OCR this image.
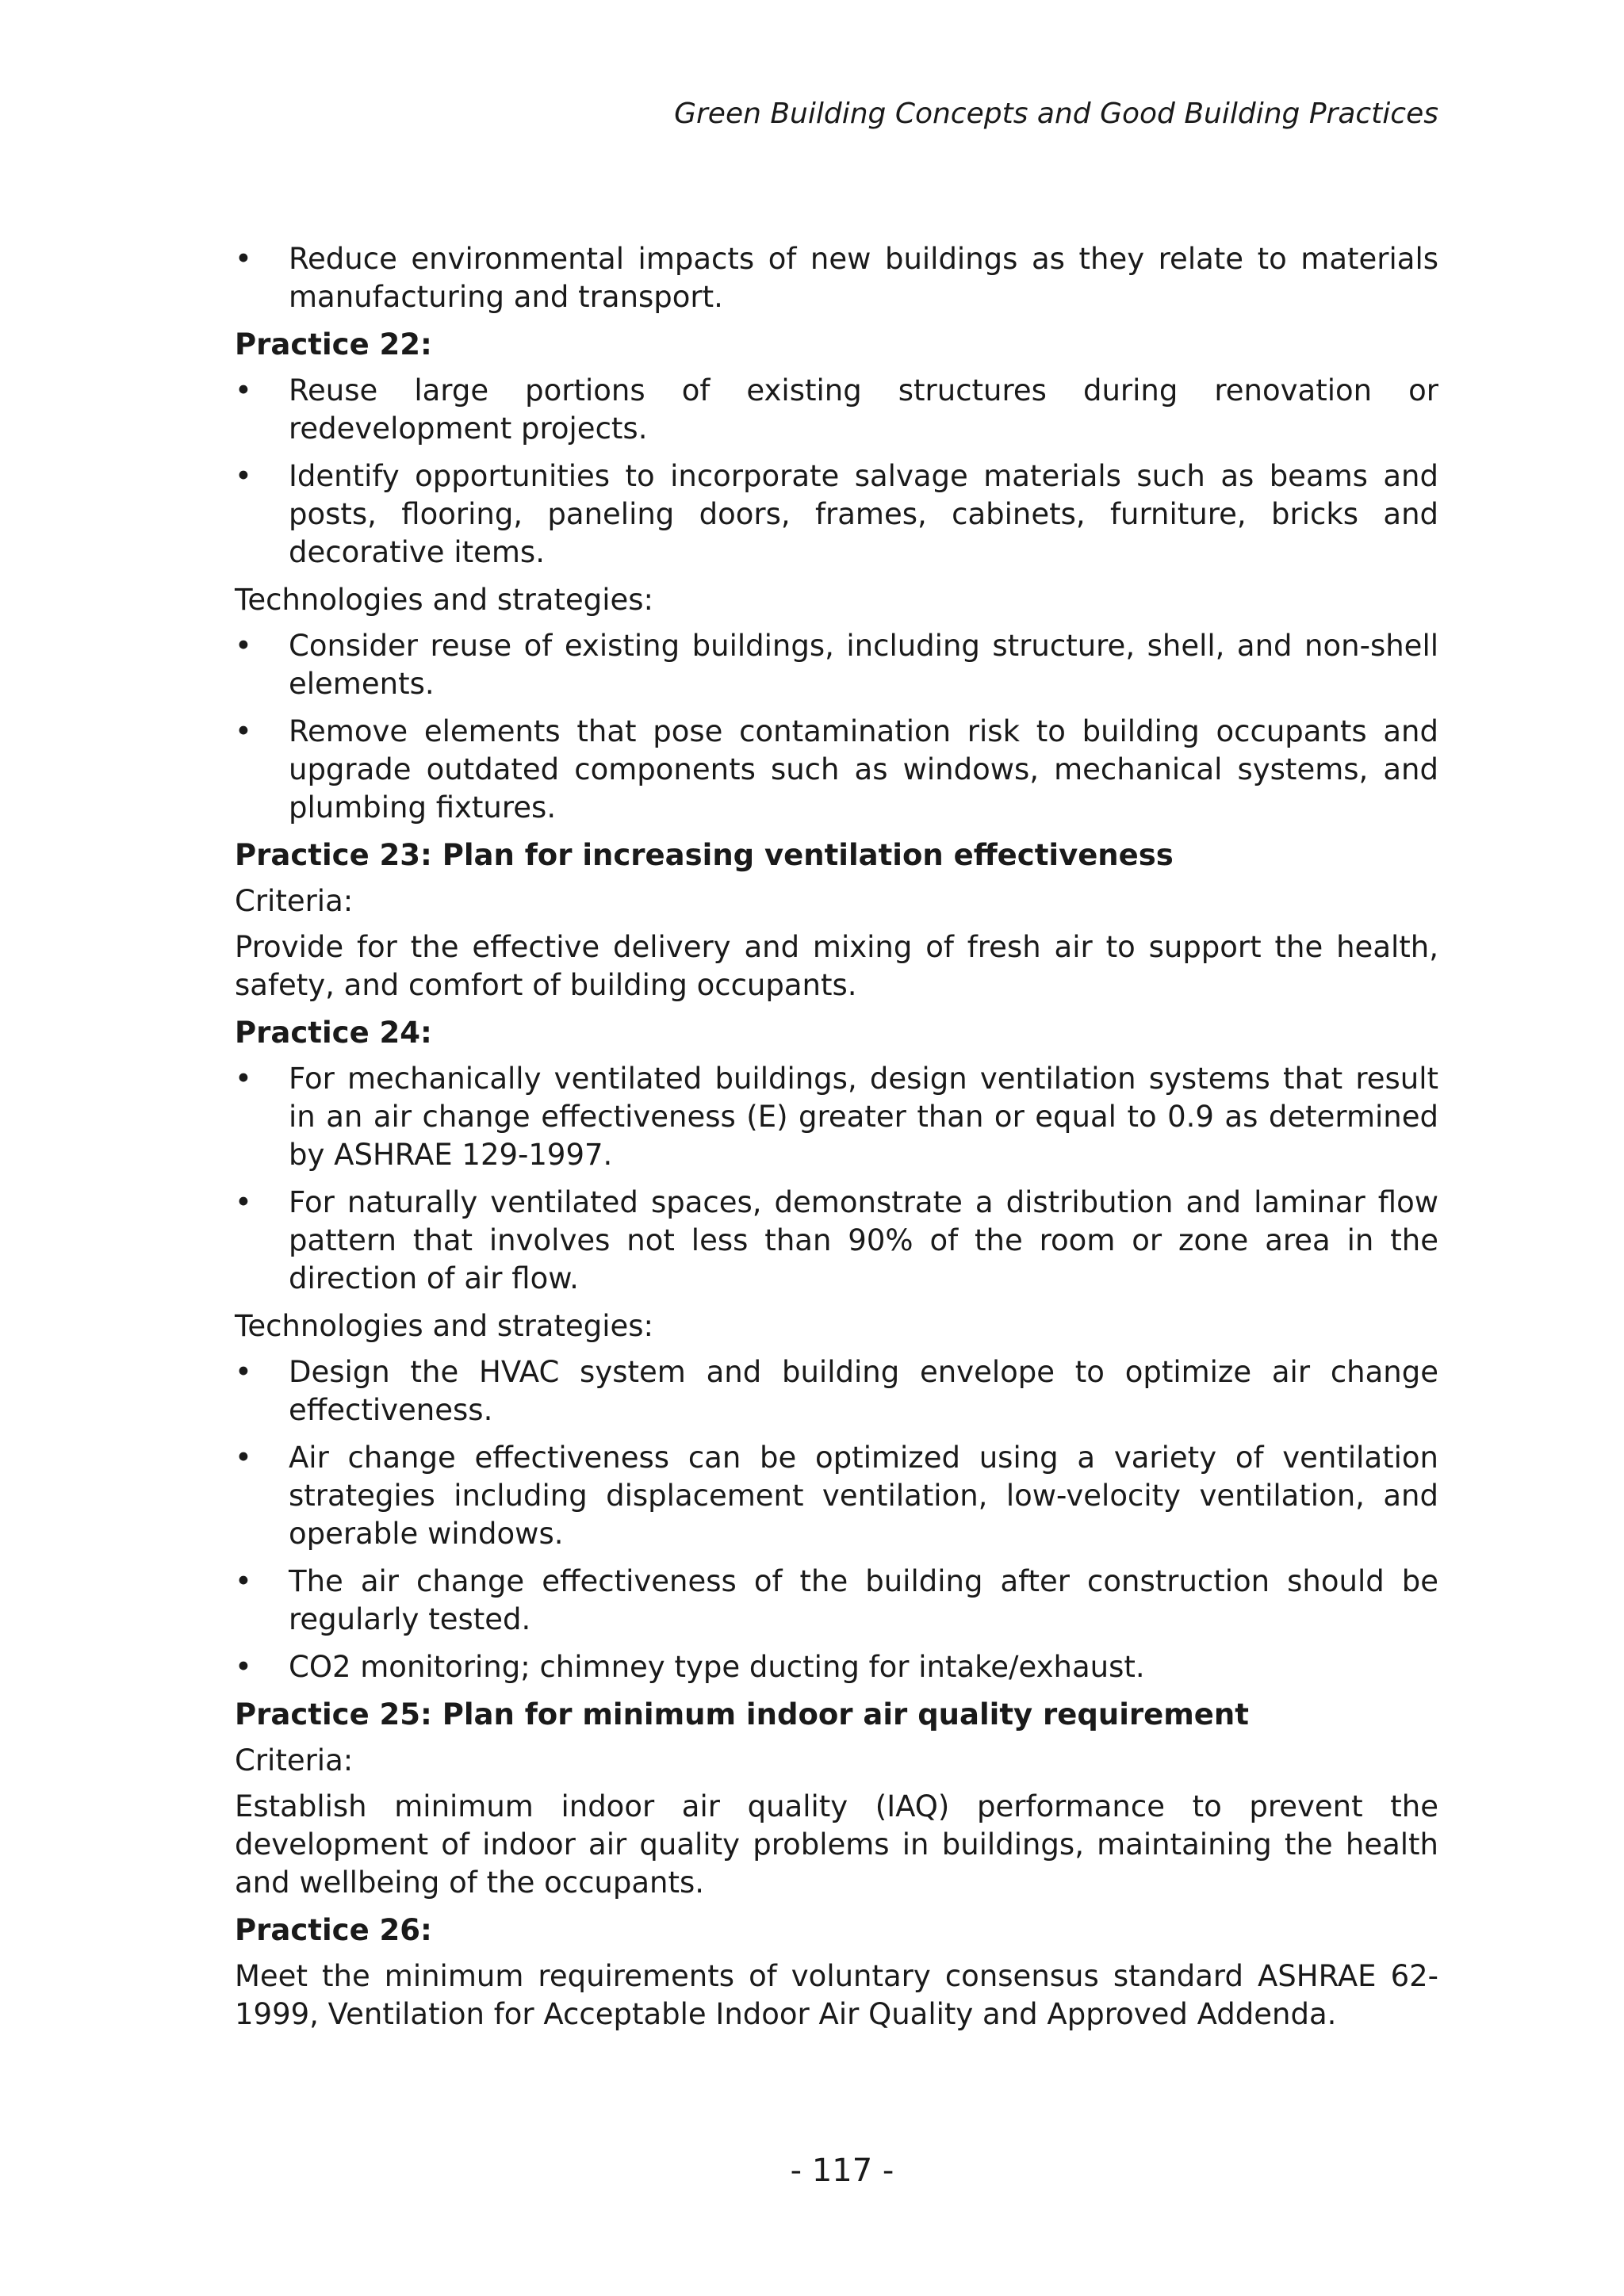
Green Building Concepts and Good Building Practices
• Reduce environmental impacts of new buildings as they relate to materials manufacturing and transport.

Practice 22:

• Reuse large portions of existing structures during renovation or redevelopment projects.
• Identify opportunities to incorporate salvage materials such as beams and posts, flooring, paneling doors, frames, cabinets, furniture, bricks and decorative items.

Technologies and strategies:

• Consider reuse of existing buildings, including structure, shell, and non-shell elements.
• Remove elements that pose contamination risk to building occupants and upgrade outdated components such as windows, mechanical systems, and plumbing fixtures.

Practice 23: Plan for increasing ventilation effectiveness

Criteria:

Provide for the effective delivery and mixing of fresh air to support the health, safety, and comfort of building occupants.

Practice 24:

• For mechanically ventilated buildings, design ventilation systems that result in an air change effectiveness (E) greater than or equal to 0.9 as determined by ASHRAE 129-1997.
• For naturally ventilated spaces, demonstrate a distribution and laminar flow pattern that involves not less than 90% of the room or zone area in the direction of air flow.

Technologies and strategies:

• Design the HVAC system and building envelope to optimize air change effectiveness.
• Air change effectiveness can be optimized using a variety of ventilation strategies including displacement ventilation, low-velocity ventilation, and operable windows.
• The air change effectiveness of the building after construction should be regularly tested.
• CO2 monitoring; chimney type ducting for intake/exhaust.

Practice 25: Plan for minimum indoor air quality requirement

Criteria:

Establish minimum indoor air quality (IAQ) performance to prevent the development of indoor air quality problems in buildings, maintaining the health and wellbeing of the occupants.

Practice 26:

Meet the minimum requirements of voluntary consensus standard ASHRAE 62-1999, Ventilation for Acceptable Indoor Air Quality and Approved Addenda.

- 117 -
